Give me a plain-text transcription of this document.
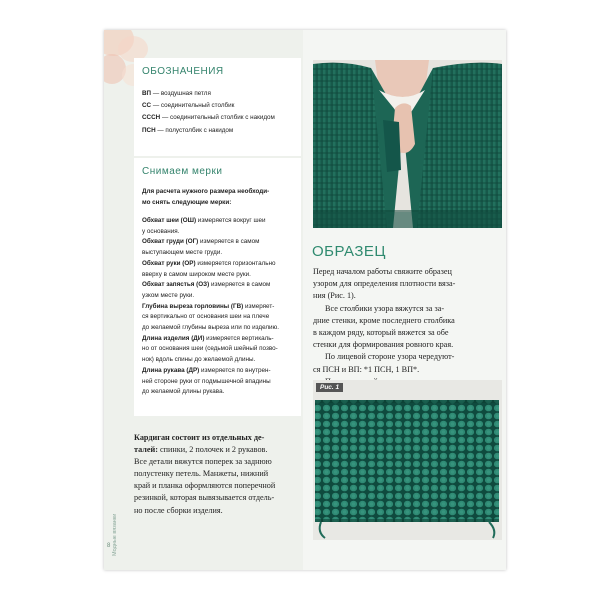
Модные вязанки
8
ОБОЗНАЧЕНИЯ
ВП — воздушная петля
СС — соединительный столбик
СССН — соединительный столбик с накидом
ПСН — полустолбик с накидом
Снимаем мерки
Для расчета нужного размера необходи-
мо снять следующие мерки:
Обхват шеи (ОШ) измеряется вокруг шеи
у основания.
Обхват груди (ОГ) измеряется в самом
выступающем месте груди.
Обхват руки (ОР) измеряется горизонтально
вверху в самом широком месте руки.
Обхват запястья (ОЗ) измеряется в самом
узком месте руки.
Глубина выреза горловины (ГВ) измеряет-
ся вертикально от основания шеи на плече
до желаемой глубины выреза или по изделию.
Длина изделия (ДИ) измеряется вертикаль-
но от основания шеи (седьмой шейный позво-
нок) вдоль спины до желаемой длины.
Длина рукава (ДР) измеряется по внутрен-
ней стороне руки от подмышечной впадины
до желаемой длины рукава.
Кардиган состоит из отдельных де-
талей: спинки, 2 полочек и 2 рукавов.
Все детали вяжутся поперек за заднюю
полустенку петель. Манжеты, нижний
край и планка оформляются поперечной
резинкой, которая вывязывается отдель-
но после сборки изделия.
ОБРАЗЕЦ
Перед началом работы свяжите образец
узором для определения плотности вяза-
ния (Рис. 1).
Все столбики узора вяжутся за за-
дние стенки, кроме последнего столбика
в каждом ряду, который вяжется за обе
стенки для формирования ровного края.
По лицевой стороне узора чередуют-
ся ПСН и ВП: *1 ПСН, 1 ВП*.
Рис. 1
